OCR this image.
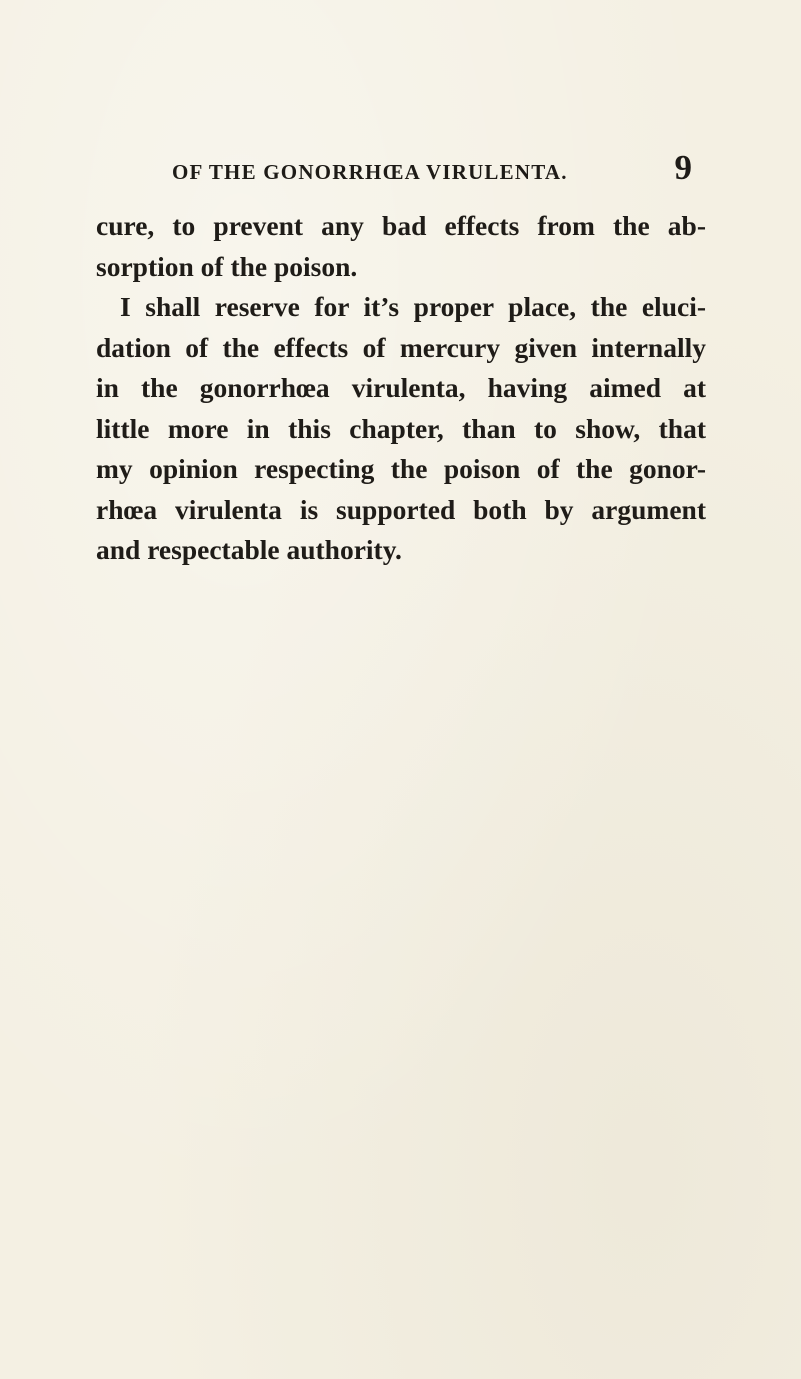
OF THE GONORRHŒA VIRULENTA.	9
cure, to prevent any bad effects from the ab-
sorption of the poison.
I shall reserve for it’s proper place, the eluci-
dation of the effects of mercury given internally
in the gonorrhœa virulenta, having aimed at
little more in this chapter, than to show, that
my opinion respecting the poison of the gonor-
rhœa virulenta is supported both by argument
and respectable authority.
